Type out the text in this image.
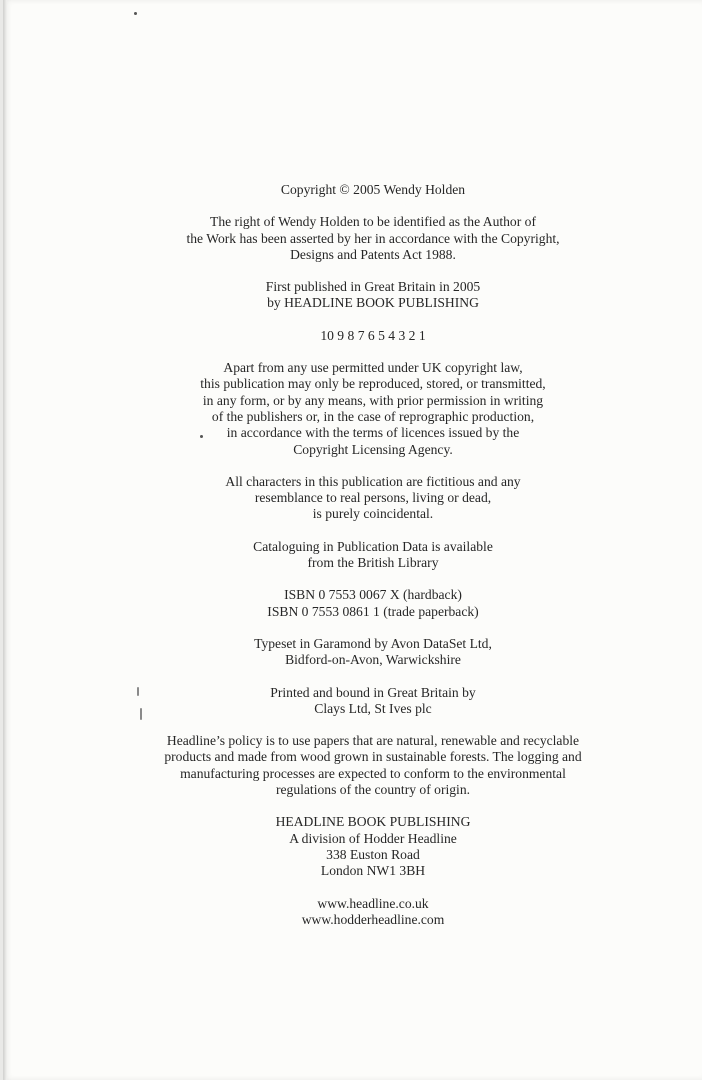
Copyright © 2005 Wendy Holden
The right of Wendy Holden to be identified as the Author of
the Work has been asserted by her in accordance with the Copyright,
Designs and Patents Act 1988.
First published in Great Britain in 2005
by HEADLINE BOOK PUBLISHING
10 9 8 7 6 5 4 3 2 1
Apart from any use permitted under UK copyright law,
this publication may only be reproduced, stored, or transmitted,
in any form, or by any means, with prior permission in writing
of the publishers or, in the case of reprographic production,
in accordance with the terms of licences issued by the
Copyright Licensing Agency.
All characters in this publication are fictitious and any
resemblance to real persons, living or dead,
is purely coincidental.
Cataloguing in Publication Data is available
from the British Library
ISBN 0 7553 0067 X (hardback)
ISBN 0 7553 0861 1 (trade paperback)
Typeset in Garamond by Avon DataSet Ltd,
Bidford-on-Avon, Warwickshire
Printed and bound in Great Britain by
Clays Ltd, St Ives plc
Headline’s policy is to use papers that are natural, renewable and recyclable
products and made from wood grown in sustainable forests. The logging and
manufacturing processes are expected to conform to the environmental
regulations of the country of origin.
HEADLINE BOOK PUBLISHING
A division of Hodder Headline
338 Euston Road
London NW1 3BH
www.headline.co.uk
www.hodderheadline.com
